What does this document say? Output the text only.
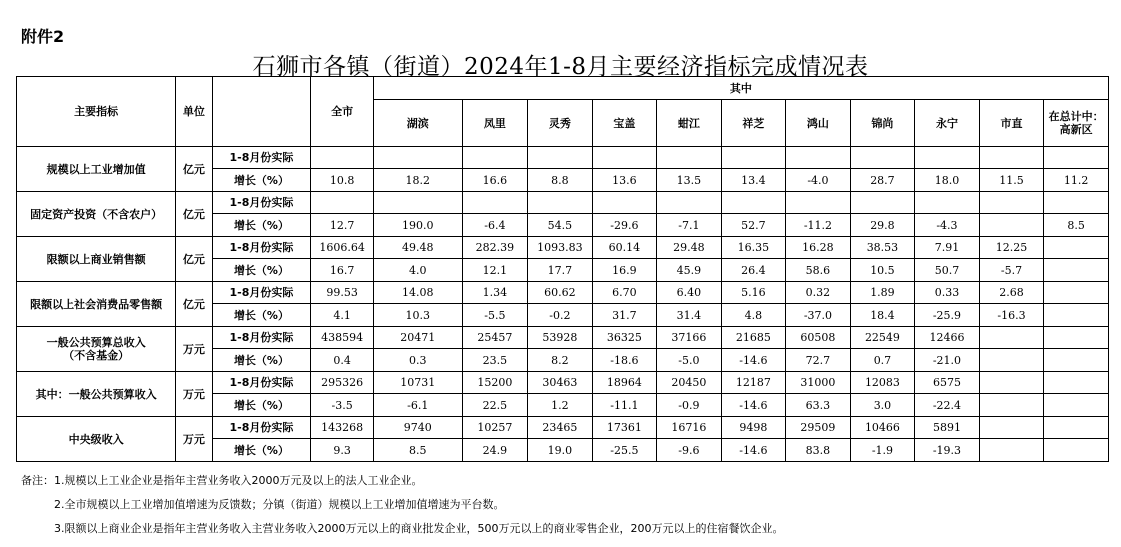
附件2
石狮市各镇（街道）2024年1-8月主要经济指标完成情况表
主要指标	单位		全市	其中										
				湖滨	凤里	灵秀	宝盖	蚶江	祥芝	鸿山	锦尚	永宁	市直	在总计中：
高新区
规模以上工业增加值	亿元	1-8月份实际												
		增长（%）	10.8	18.2	16.6	8.8	13.6	13.5	13.4	-4.0	28.7	18.0	11.5	11.2
固定资产投资（不含农户）	亿元	1-8月份实际												
		增长（%）	12.7	190.0	-6.4	54.5	-29.6	-7.1	52.7	-11.2	29.8	-4.3		8.5
限额以上商业销售额	亿元	1-8月份实际	1606.64	49.48	282.39	1093.83	60.14	29.48	16.35	16.28	38.53	7.91	12.25	
		增长（%）	16.7	4.0	12.1	17.7	16.9	45.9	26.4	58.6	10.5	50.7	-5.7	
限额以上社会消费品零售额	亿元	1-8月份实际	99.53	14.08	1.34	60.62	6.70	6.40	5.16	0.32	1.89	0.33	2.68	
		增长（%）	4.1	10.3	-5.5	-0.2	31.7	31.4	4.8	-37.0	18.4	-25.9	-16.3	
一般公共预算总收入
（不含基金）	万元	1-8月份实际	438594	20471	25457	53928	36325	37166	21685	60508	22549	12466		
		增长（%）	0.4	0.3	23.5	8.2	-18.6	-5.0	-14.6	72.7	0.7	-21.0		
其中：一般公共预算收入	万元	1-8月份实际	295326	10731	15200	30463	18964	20450	12187	31000	12083	6575		
		增长（%）	-3.5	-6.1	22.5	1.2	-11.1	-0.9	-14.6	63.3	3.0	-22.4		
中央级收入	万元	1-8月份实际	143268	9740	10257	23465	17361	16716	9498	29509	10466	5891		
		增长（%）	9.3	8.5	24.9	19.0	-25.5	-9.6	-14.6	83.8	-1.9	-19.3		
备注：1.规模以上工业企业是指年主营业务收入2000万元及以上的法人工业企业。
2.全市规模以上工业增加值增速为反馈数；分镇（街道）规模以上工业增加值增速为平台数。
3.限额以上商业企业是指年主营业务收入主营业务收入2000万元以上的商业批发企业，500万元以上的商业零售企业，200万元以上的住宿餐饮企业。
